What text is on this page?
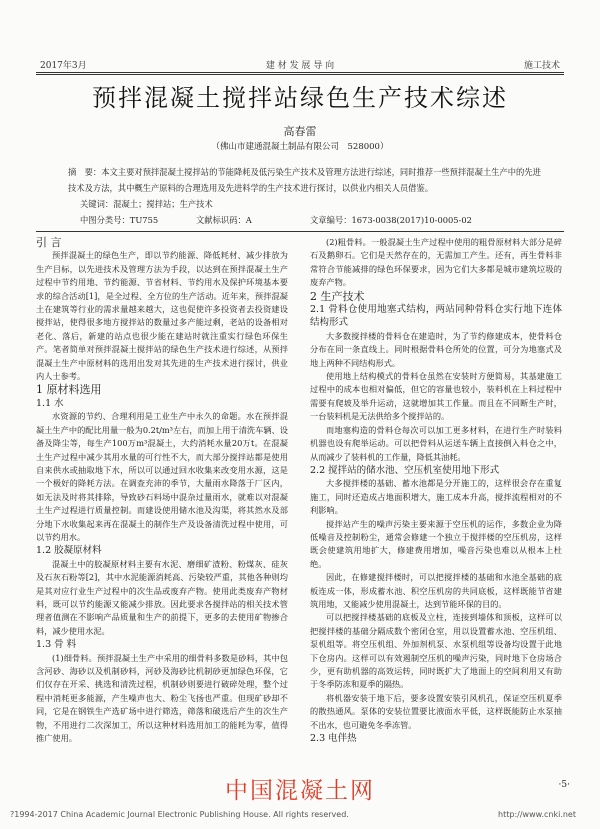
2017年3月	建 材 发 展 导 向	施工技术
预拌混凝土搅拌站绿色生产技术综述
高春雷
（佛山市建通混凝土制品有限公司　528000）
摘　要：本文主要对预拌混凝土搅拌站的节能降耗及低污染生产技术及管理方法进行综述，同时推荐一些预拌混凝土生产中的先进技术及方法，其中概生产原料的合理选用及先进料学的生产技术进行探讨，以供业内相关人员借鉴。
关键词：混凝土；搅拌站；生产技术
中图分类号：TU755	文献标识码：A	文章编号：1673-0038(2017)10-0005-02

引 言

预拌混凝土的绿色生产，即以节约能源、降低耗材、减少排放为生产目标，以先进技术及管理方法为手段，以达到在预拌混凝土生产过程中节约用地、节约能源、节省材料、节约用水及保护环境基本要求的综合活动[1]，是全过程、全方位的生产活动。近年来，预拌混凝土在建筑等行业的需求量越来越大，这也促使许多投资者去投资建设搅拌站，使得很多地方搅拌站的数量过多产能过剩，老站的设备相对老化、落后，新建的站点也很少能在建站时就注重实行绿色环保生产。笔者简单对预拌混凝土搅拌站的绿色生产技术进行综述，从预拌混凝土生产中原材料的选用出发对其先进的生产技术进行探讨，供业内人士参考。

1 原材料选用

1.1 水

水资源的节约、合理利用是工业生产中永久的命题。水在预拌混凝土生产中的配比用量一般为0.2t/m³左右，而加上用于清洗车辆、设备及降尘等，每生产100万m³混凝土，大约消耗水量20万t。在混凝土生产过程中减少其用水量的可行性不大，而大部分搅拌站都是使用自来供水或抽取地下水，所以可以通过回水收集来改变用水源，这是一个极好的降耗方法。在调查充沛的季节，大量雨水降落于厂区内，如无法及时将其排除，导致砂石料场中混杂过量雨水，就难以对混凝土生产过程进行质量控制。而建设使用储水池及沟渠，将其然水及部分地下水收集起来再在混凝土的制作生产及设备清洗过程中使用，可以节约用水。

1.2 胶凝原材料

混凝土中的胶凝原材料主要有水泥、磨细矿渣粉、粉煤灰、硅灰及石灰石粉等[2]，其中水泥能源消耗高、污染较严重，其他各种则均是其对应行业生产过程中的次生品或废弃产物。使用此类废弃产物材料，既可以节约能源又能减少排放。因此要求各搅拌站的相关技术管理者值测在不影响产品质量和生产的前提下，更多的去使用矿物掺合料，减少使用水泥。

1.3 骨 料

(1)细骨料。预拌混凝土生产中采用的细骨料多数是砂料，其中包含河砂、海砂以及机制砂料，河砂及海砂比机制砂更加绿色环保，它们仅存在开采、挑选和清洗过程，机制砂则要进行破碎处理，整个过程中消耗更多能源，产生噪声也大、粉尘飞扬也严重。但现矿砂却不同，它是在钢铁生产选矿场中进行筛选，筛落和破选后产生的次生产物，不用进行二次深加工，所以这种材料选用加工的能耗为零，值得推广使用。

(2)粗骨料。一般混凝土生产过程中使用的粗骨原材料大部分是碎石及鹅卵石。它们是天然存在的，无需加工产生。还有，再生骨料非常符合节能减排的绿色环保要求，因为它们大多都是城市建筑垃圾的废弃产物。

2 生产技术

2.1 骨料仓使用地塞式结构，两站同种骨料仓实行地下连体结构形式

大多数搅拌楼的骨料仓在建造时，为了节约修建成本，使骨料仓分布在同一条直线上。同时根据骨料仓所处的位置，可分为地塞式及地上两种不同结构形式。

使用地上结构模式的骨料仓虽然在安装时方便简易，其基建施工过程中的成本也相对偏低，但它的容量也较小，装料机在上料过程中需要有爬坡及举升运动，这就增加其工作量。而且在不同断生产时，一台装料机是无法供给多个搅拌站的。

而地塞构造的骨料仓每次可以加工更多材料，在进行生产时装料机器也设有爬举运动。可以把骨料从运送车辆上直接倒入料仓之中，从而减少了装料机的工作量，降低其油耗。

2.2 搅拌站的储水池、空压机室使用地下形式

大多搅拌楼的基础、蓄水池都是分开施工的，这样很会存在重复施工，同时还造成占地面积增大，施工成本升高，搅拌流程相对的不利影响。

搅拌站产生的噪声污染主要来源于空压机的运作，多数企业为降低噪音及控制粉尘，通常会修建一个独立于搅拌楼的空压机房，这样既会使建筑用地扩大，修建费用增加，噪音污染也难以从根本上杜绝。

因此，在修建搅拌楼时，可以把搅拌楼的基础和水池全基础的底板连成一体，形成蓄水池、积空压机房的共同底板，这样既能节省建筑用地，又能减少使用混凝土，达到节能环保的目的。

可以把搅拌楼基础的底板及立柱，连接到墙体和顶板，这样可以把搅拌楼的基础分隔成数个密闭仓室，用以设置蓄水池、空压机组、泵机组等。将空压机组、外加剂机泵、水泵机组等设备均设置于此地下仓房内。这样可以有效遏制空压机的噪声污染，同时地下仓房场合少，更有助机器的高效运转，同时既扩大了地面上的空间利用又有助于冬季防冻和夏季的隔热。

将机器安装于地下后，要多设置安装引风机孔，保证空压机夏季的散热通风。泵体的安装位置要比液面水平低，这样既能防止水泵抽不出水，也可避免冬季冻管。

2.3 电伴热

中国混凝土网	·5·
?1994-2017 China Academic Journal Electronic Publishing House. All rights reserved.	http://www.cnki.net
